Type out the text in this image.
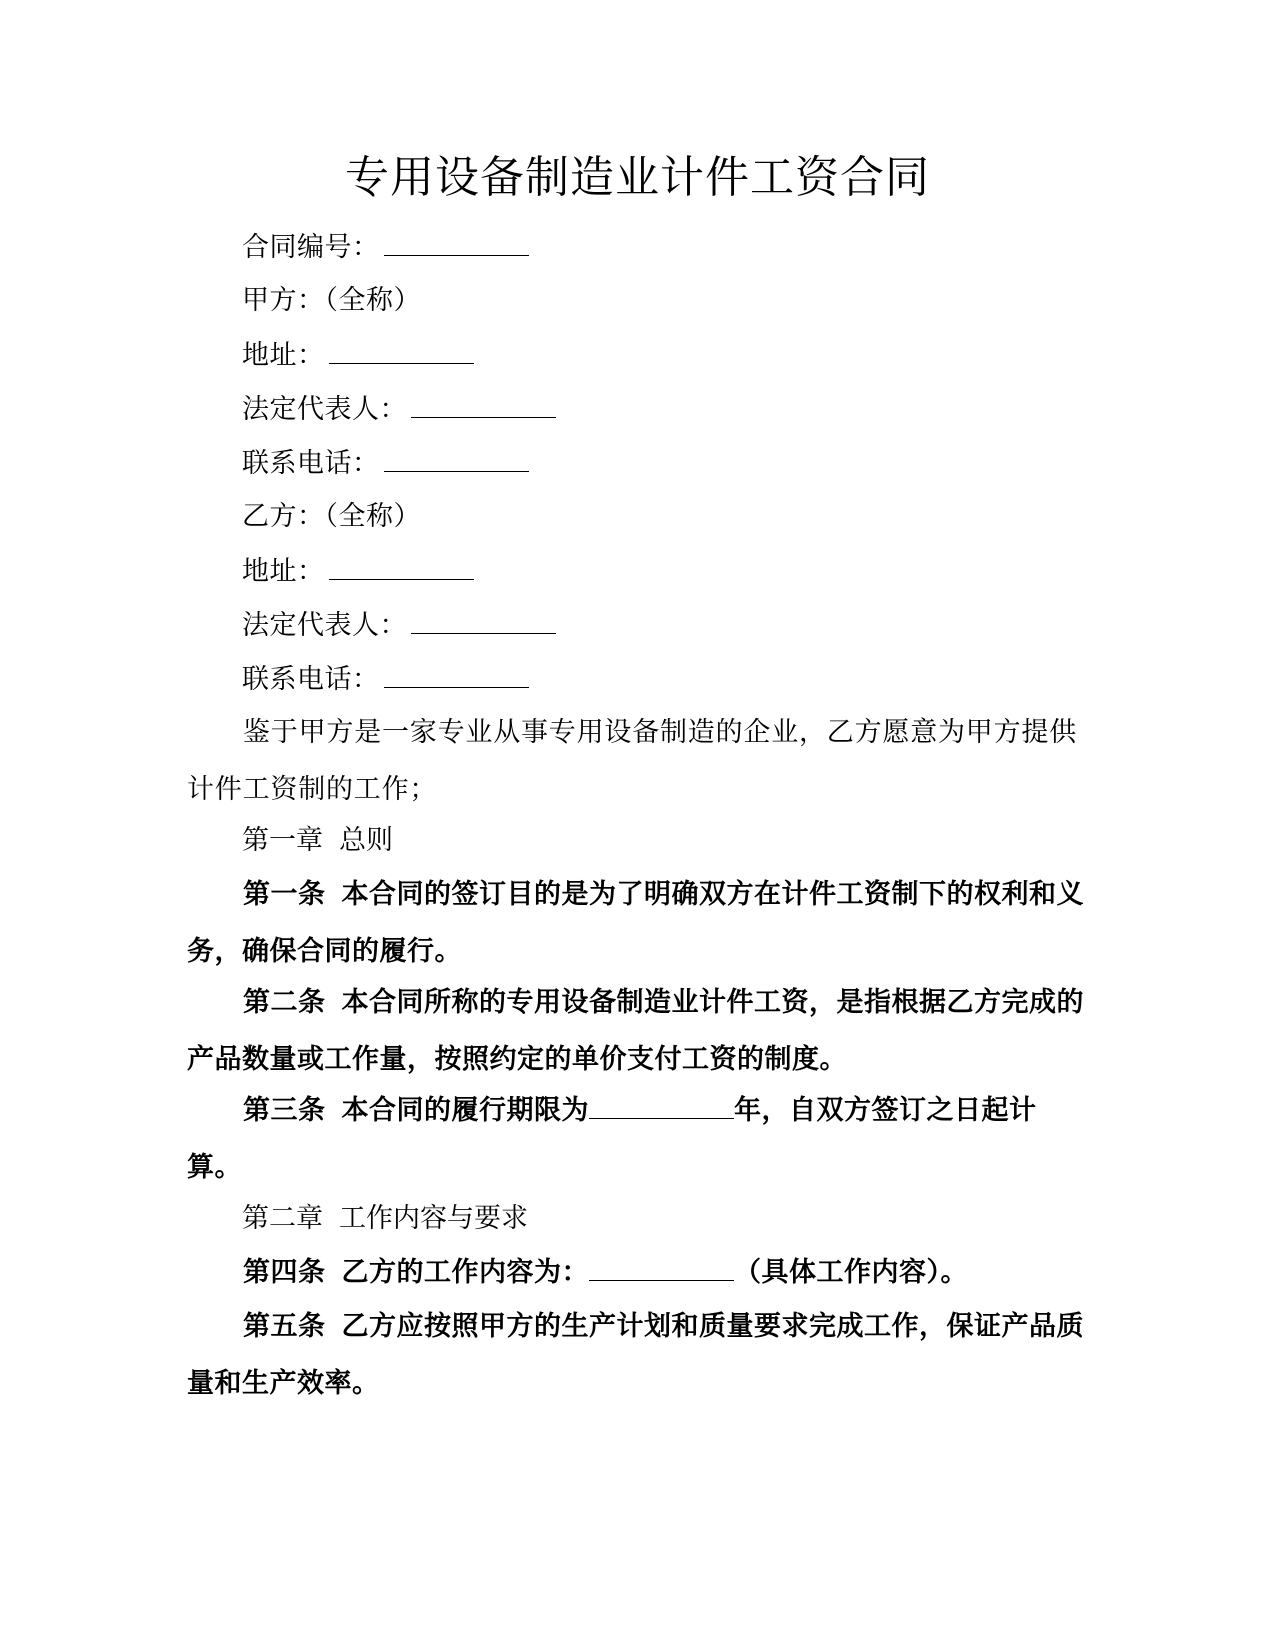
专用设备制造业计件工资合同
合同编号：
甲方：（全称）
地址：
法定代表人：
联系电话：
乙方：（全称）
地址：
法定代表人：
联系电话：
鉴于甲方是一家专业从事专用设备制造的企业，乙方愿意为甲方提供计件工资制的工作；
第一章 总则
第一条 本合同的签订目的是为了明确双方在计件工资制下的权利和义务，确保合同的履行。
第二条 本合同所称的专用设备制造业计件工资，是指根据乙方完成的产品数量或工作量，按照约定的单价支付工资的制度。
第三条 本合同的履行期限为	年，自双方签订之日起计算。
第二章 工作内容与要求
第四条 乙方的工作内容为：	（具体工作内容）。
第五条 乙方应按照甲方的生产计划和质量要求完成工作，保证产品质量和生产效率。
